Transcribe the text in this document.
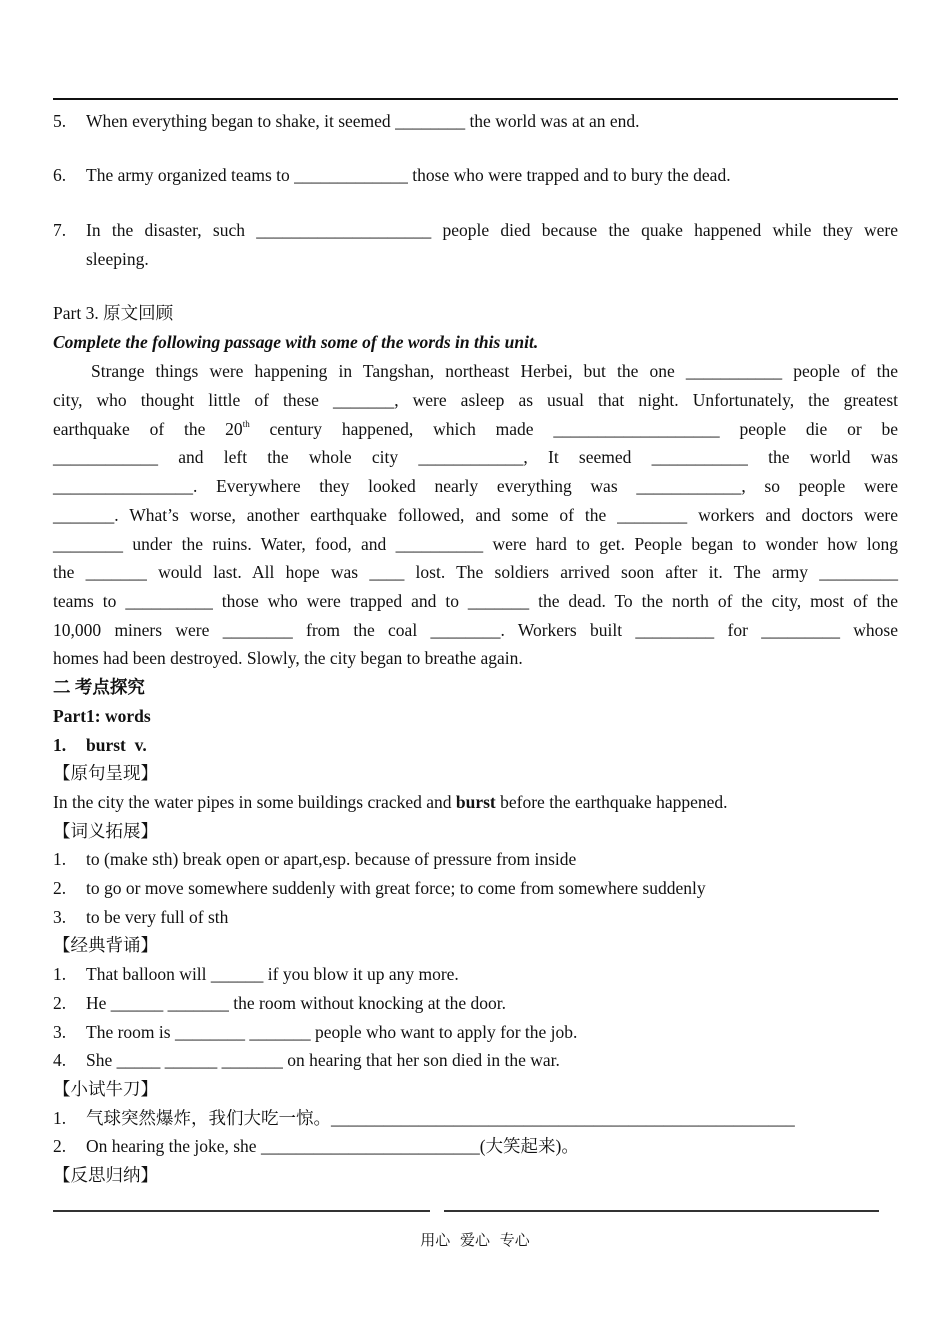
5. When everything began to shake, it seemed ________ the world was at an end.
6. The army organized teams to _____________ those who were trapped and to bury the dead.
7. In the disaster, such ____________________ people died because the quake happened while they were
sleeping.
Part 3. 原文回顾
Complete the following passage with some of the words in this unit.
Strange things were happening in Tangshan, northeast Herbei, but the one ___________ people of the
city, who thought little of these _______, were asleep as usual that night. Unfortunately, the greatest
earthquake of the 20th century happened, which made ___________________ people die or be
____________ and left the whole city ____________, It seemed ___________ the world was
________________. Everywhere they looked nearly everything was ____________, so people were
_______. What’s worse, another earthquake followed, and some of the ________ workers and doctors were
________ under the ruins. Water, food, and __________ were hard to get. People began to wonder how long
the _______ would last. All hope was ____ lost. The soldiers arrived soon after it. The army _________
teams to __________ those who were trapped and to _______ the dead. To the north of the city, most of the
10,000 miners were ________ from the coal ________. Workers built _________ for _________ whose
homes had been destroyed. Slowly, the city began to breathe again.
二 考点探究
Part1: words
1. burst  v.
【原句呈现】
In the city the water pipes in some buildings cracked and burst before the earthquake happened.
【词义拓展】
1. to (make sth) break open or apart,esp. because of pressure from inside
2. to go or move somewhere suddenly with great force; to come from somewhere suddenly
3. to be very full of sth
【经典背诵】
1. That balloon will ______ if you blow it up any more.
2. He ______ _______ the room without knocking at the door.
3. The room is ________ _______ people who want to apply for the job.
4. She _____ ______ _______ on hearing that her son died in the war.
【小试牛刀】
1. 气球突然爆炸，我们大吃一惊。_____________________________________________________
2. On hearing the joke, she _________________________(大笑起来)。
【反思归纳】
用心 爱心 专心
